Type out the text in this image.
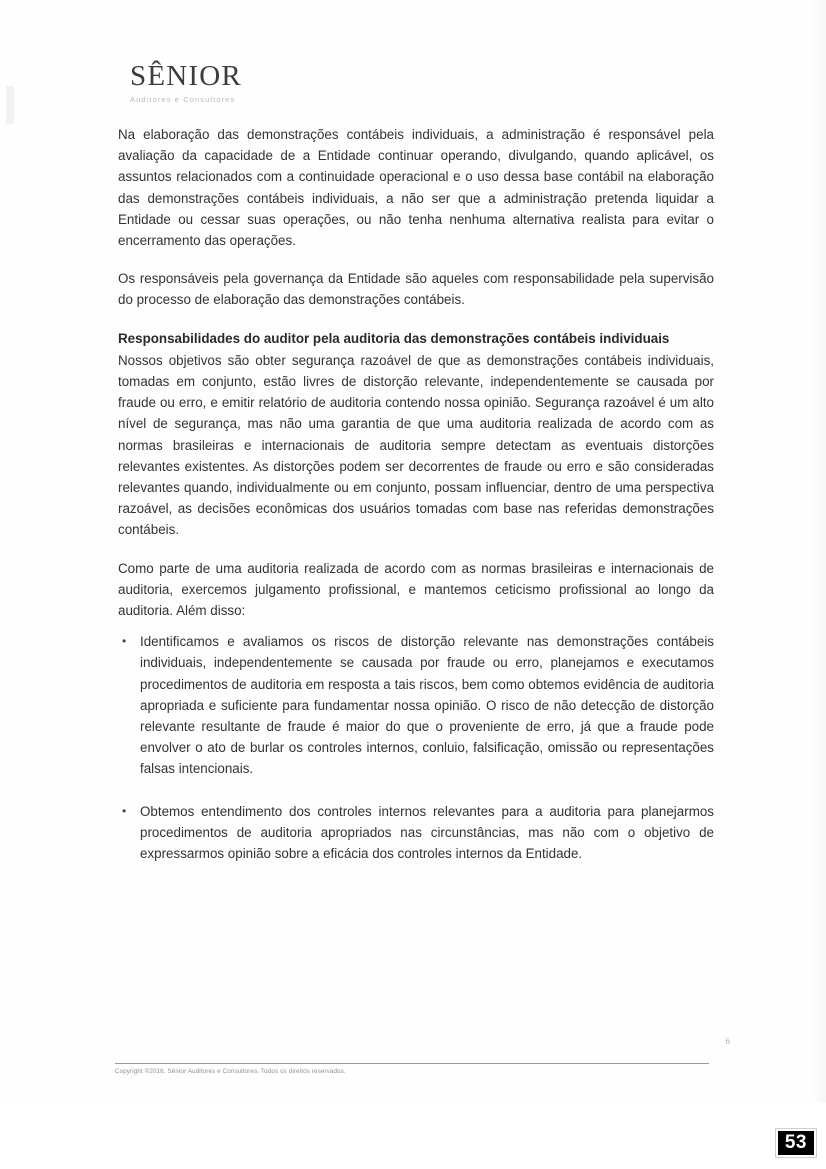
SÊNIOR
Auditores e Consultores

Na elaboração das demonstrações contábeis individuais, a administração é responsável pela avaliação da capacidade de a Entidade continuar operando, divulgando, quando aplicável, os assuntos relacionados com a continuidade operacional e o uso dessa base contábil na elaboração das demonstrações contábeis individuais, a não ser que a administração pretenda liquidar a Entidade ou cessar suas operações, ou não tenha nenhuma alternativa realista para evitar o encerramento das operações.

Os responsáveis pela governança da Entidade são aqueles com responsabilidade pela supervisão do processo de elaboração das demonstrações contábeis.

Responsabilidades do auditor pela auditoria das demonstrações contábeis individuais

Nossos objetivos são obter segurança razoável de que as demonstrações contábeis individuais, tomadas em conjunto, estão livres de distorção relevante, independentemente se causada por fraude ou erro, e emitir relatório de auditoria contendo nossa opinião. Segurança razoável é um alto nível de segurança, mas não uma garantia de que uma auditoria realizada de acordo com as normas brasileiras e internacionais de auditoria sempre detectam as eventuais distorções relevantes existentes. As distorções podem ser decorrentes de fraude ou erro e são consideradas relevantes quando, individualmente ou em conjunto, possam influenciar, dentro de uma perspectiva razoável, as decisões econômicas dos usuários tomadas com base nas referidas demonstrações contábeis.

Como parte de uma auditoria realizada de acordo com as normas brasileiras e internacionais de auditoria, exercemos julgamento profissional, e mantemos ceticismo profissional ao longo da auditoria. Além disso:

• Identificamos e avaliamos os riscos de distorção relevante nas demonstrações contábeis individuais, independentemente se causada por fraude ou erro, planejamos e executamos procedimentos de auditoria em resposta a tais riscos, bem como obtemos evidência de auditoria apropriada e suficiente para fundamentar nossa opinião. O risco de não detecção de distorção relevante resultante de fraude é maior do que o proveniente de erro, já que a fraude pode envolver o ato de burlar os controles internos, conluio, falsificação, omissão ou representações falsas intencionais.
• Obtemos entendimento dos controles internos relevantes para a auditoria para planejarmos procedimentos de auditoria apropriados nas circunstâncias, mas não com o objetivo de expressarmos opinião sobre a eficácia dos controles internos da Entidade.
6
Copyright ©2016. Sênior Auditores e Consultores. Todos os direitos reservados.
53
